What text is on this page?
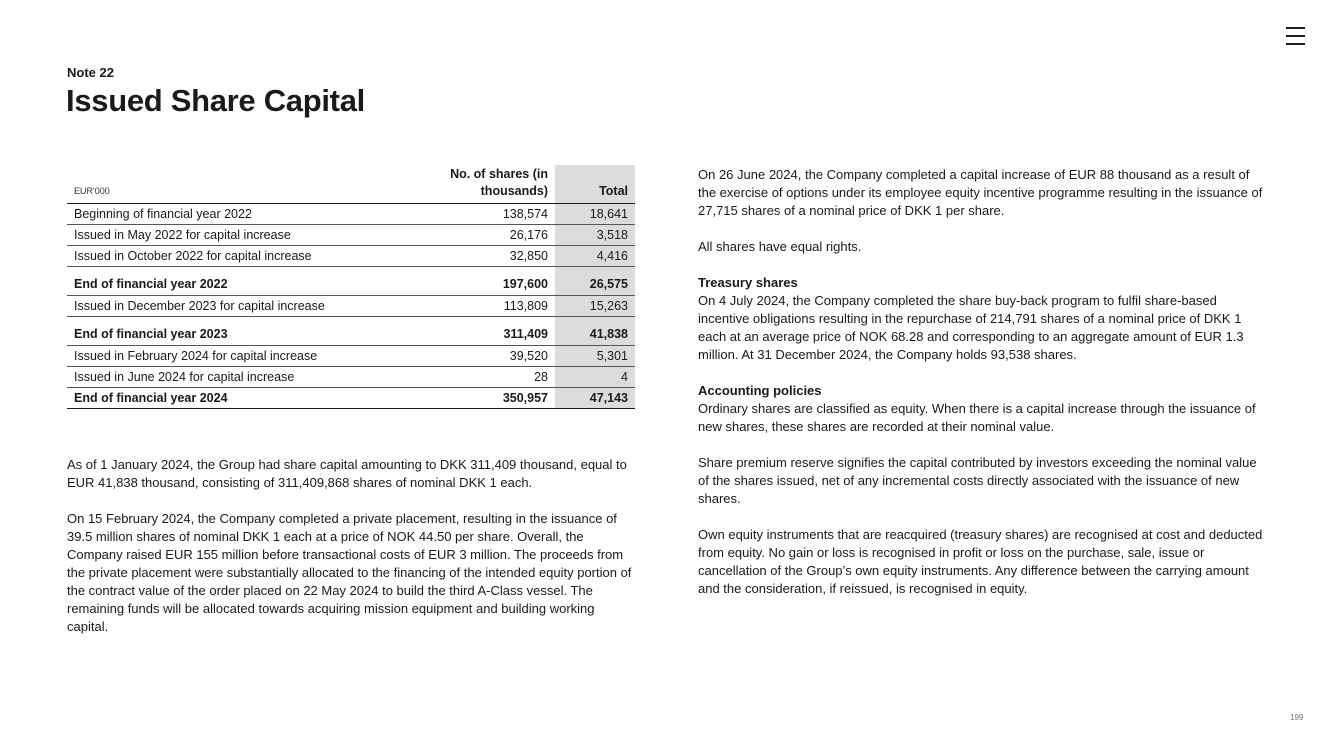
Note 22
Issued Share Capital
EUR'000	No. of shares (in thousands)	Total
Beginning of financial year 2022	138,574	18,641
Issued in May 2022 for capital increase	26,176	3,518
Issued in October 2022 for capital increase	32,850	4,416
End of financial year 2022	197,600	26,575
Issued in December 2023 for capital increase	113,809	15,263
End of financial year 2023	311,409	41,838
Issued in February 2024 for capital increase	39,520	5,301
Issued in June 2024 for capital increase	28	4
End of financial year 2024	350,957	47,143

As of 1 January 2024, the Group had share capital amounting to DKK 311,409 thousand, equal to EUR 41,838 thousand, consisting of 311,409,868 shares of nominal DKK 1 each.

On 15 February 2024, the Company completed a private placement, resulting in the issuance of 39.5 million shares of nominal DKK 1 each at a price of NOK 44.50 per share. Overall, the Company raised EUR 155 million before transactional costs of EUR 3 million. The proceeds from the private placement were substantially allocated to the financing of the intended equity portion of the contract value of the order placed on 22 May 2024 to build the third A-Class vessel. The remaining funds will be allocated towards acquiring mission equipment and building working capital.

On 26 June 2024, the Company completed a capital increase of EUR 88 thousand as a result of the exercise of options under its employee equity incentive programme resulting in the issuance of 27,715 shares of a nominal price of DKK 1 per share.

All shares have equal rights.

Treasury shares

On 4 July 2024, the Company completed the share buy-back program to fulfil share-based incentive obligations resulting in the repurchase of 214,791 shares of a nominal price of DKK 1 each at an average price of NOK 68.28 and corresponding to an aggregate amount of EUR 1.3 million. At 31 December 2024, the Company holds 93,538 shares.

Accounting policies

Ordinary shares are classified as equity. When there is a capital increase through the issuance of new shares, these shares are recorded at their nominal value.

Share premium reserve signifies the capital contributed by investors exceeding the nominal value of the shares issued, net of any incremental costs directly associated with the issuance of new shares.

Own equity instruments that are reacquired (treasury shares) are recognised at cost and deducted from equity. No gain or loss is recognised in profit or loss on the purchase, sale, issue or cancellation of the Group’s own equity instruments. Any difference between the carrying amount and the consideration, if reissued, is recognised in equity.

199
